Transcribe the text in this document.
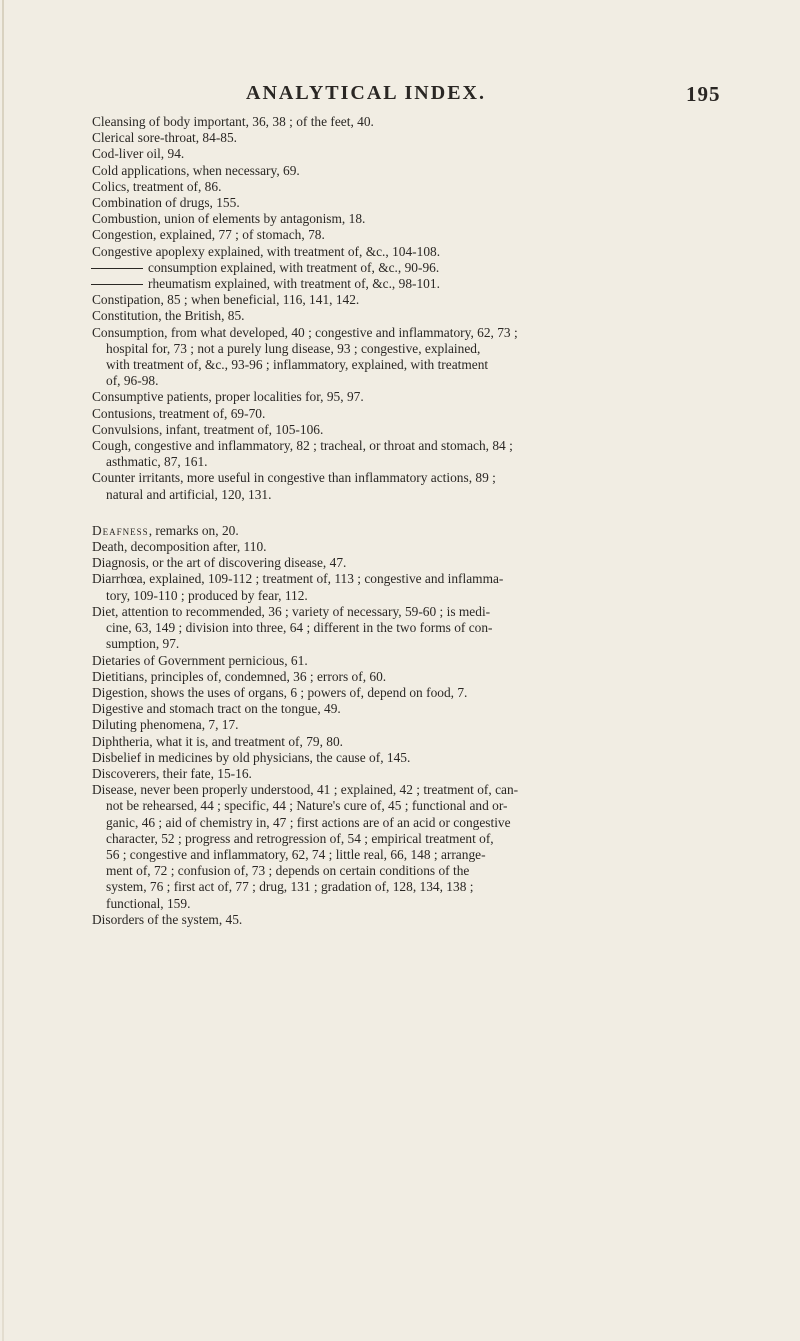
ANALYTICAL INDEX.	195
Cleansing of body important, 36, 38 ; of the feet, 40.
Clerical sore-throat, 84-85.
Cod-liver oil, 94.
Cold applications, when necessary, 69.
Colics, treatment of, 86.
Combination of drugs, 155.
Combustion, union of elements by antagonism, 18.
Congestion, explained, 77 ; of stomach, 78.
Congestive apoplexy explained, with treatment of, &c., 104-108.
consumption explained, with treatment of, &c., 90-96.
rheumatism explained, with treatment of, &c., 98-101.
Constipation, 85 ; when beneficial, 116, 141, 142.
Constitution, the British, 85.
Consumption, from what developed, 40 ; congestive and inflammatory, 62, 73 ;
hospital for, 73 ; not a purely lung disease, 93 ; congestive, explained,
with treatment of, &c., 93-96 ; inflammatory, explained, with treatment
of, 96-98.
Consumptive patients, proper localities for, 95, 97.
Contusions, treatment of, 69-70.
Convulsions, infant, treatment of, 105-106.
Cough, congestive and inflammatory, 82 ; tracheal, or throat and stomach, 84 ;
asthmatic, 87, 161.
Counter irritants, more useful in congestive than inflammatory actions, 89 ;
natural and artificial, 120, 131.
Deafness, remarks on, 20.
Death, decomposition after, 110.
Diagnosis, or the art of discovering disease, 47.
Diarrhœa, explained, 109-112 ; treatment of, 113 ; congestive and inflamma-
tory, 109-110 ; produced by fear, 112.
Diet, attention to recommended, 36 ; variety of necessary, 59-60 ; is medi-
cine, 63, 149 ; division into three, 64 ; different in the two forms of con-
sumption, 97.
Dietaries of Government pernicious, 61.
Dietitians, principles of, condemned, 36 ; errors of, 60.
Digestion, shows the uses of organs, 6 ; powers of, depend on food, 7.
Digestive and stomach tract on the tongue, 49.
Diluting phenomena, 7, 17.
Diphtheria, what it is, and treatment of, 79, 80.
Disbelief in medicines by old physicians, the cause of, 145.
Discoverers, their fate, 15-16.
Disease, never been properly understood, 41 ; explained, 42 ; treatment of, can-
not be rehearsed, 44 ; specific, 44 ; Nature's cure of, 45 ; functional and or-
ganic, 46 ; aid of chemistry in, 47 ; first actions are of an acid or congestive
character, 52 ; progress and retrogression of, 54 ; empirical treatment of,
56 ; congestive and inflammatory, 62, 74 ; little real, 66, 148 ; arrange-
ment of, 72 ; confusion of, 73 ; depends on certain conditions of the
system, 76 ; first act of, 77 ; drug, 131 ; gradation of, 128, 134, 138 ;
functional, 159.
Disorders of the system, 45.
